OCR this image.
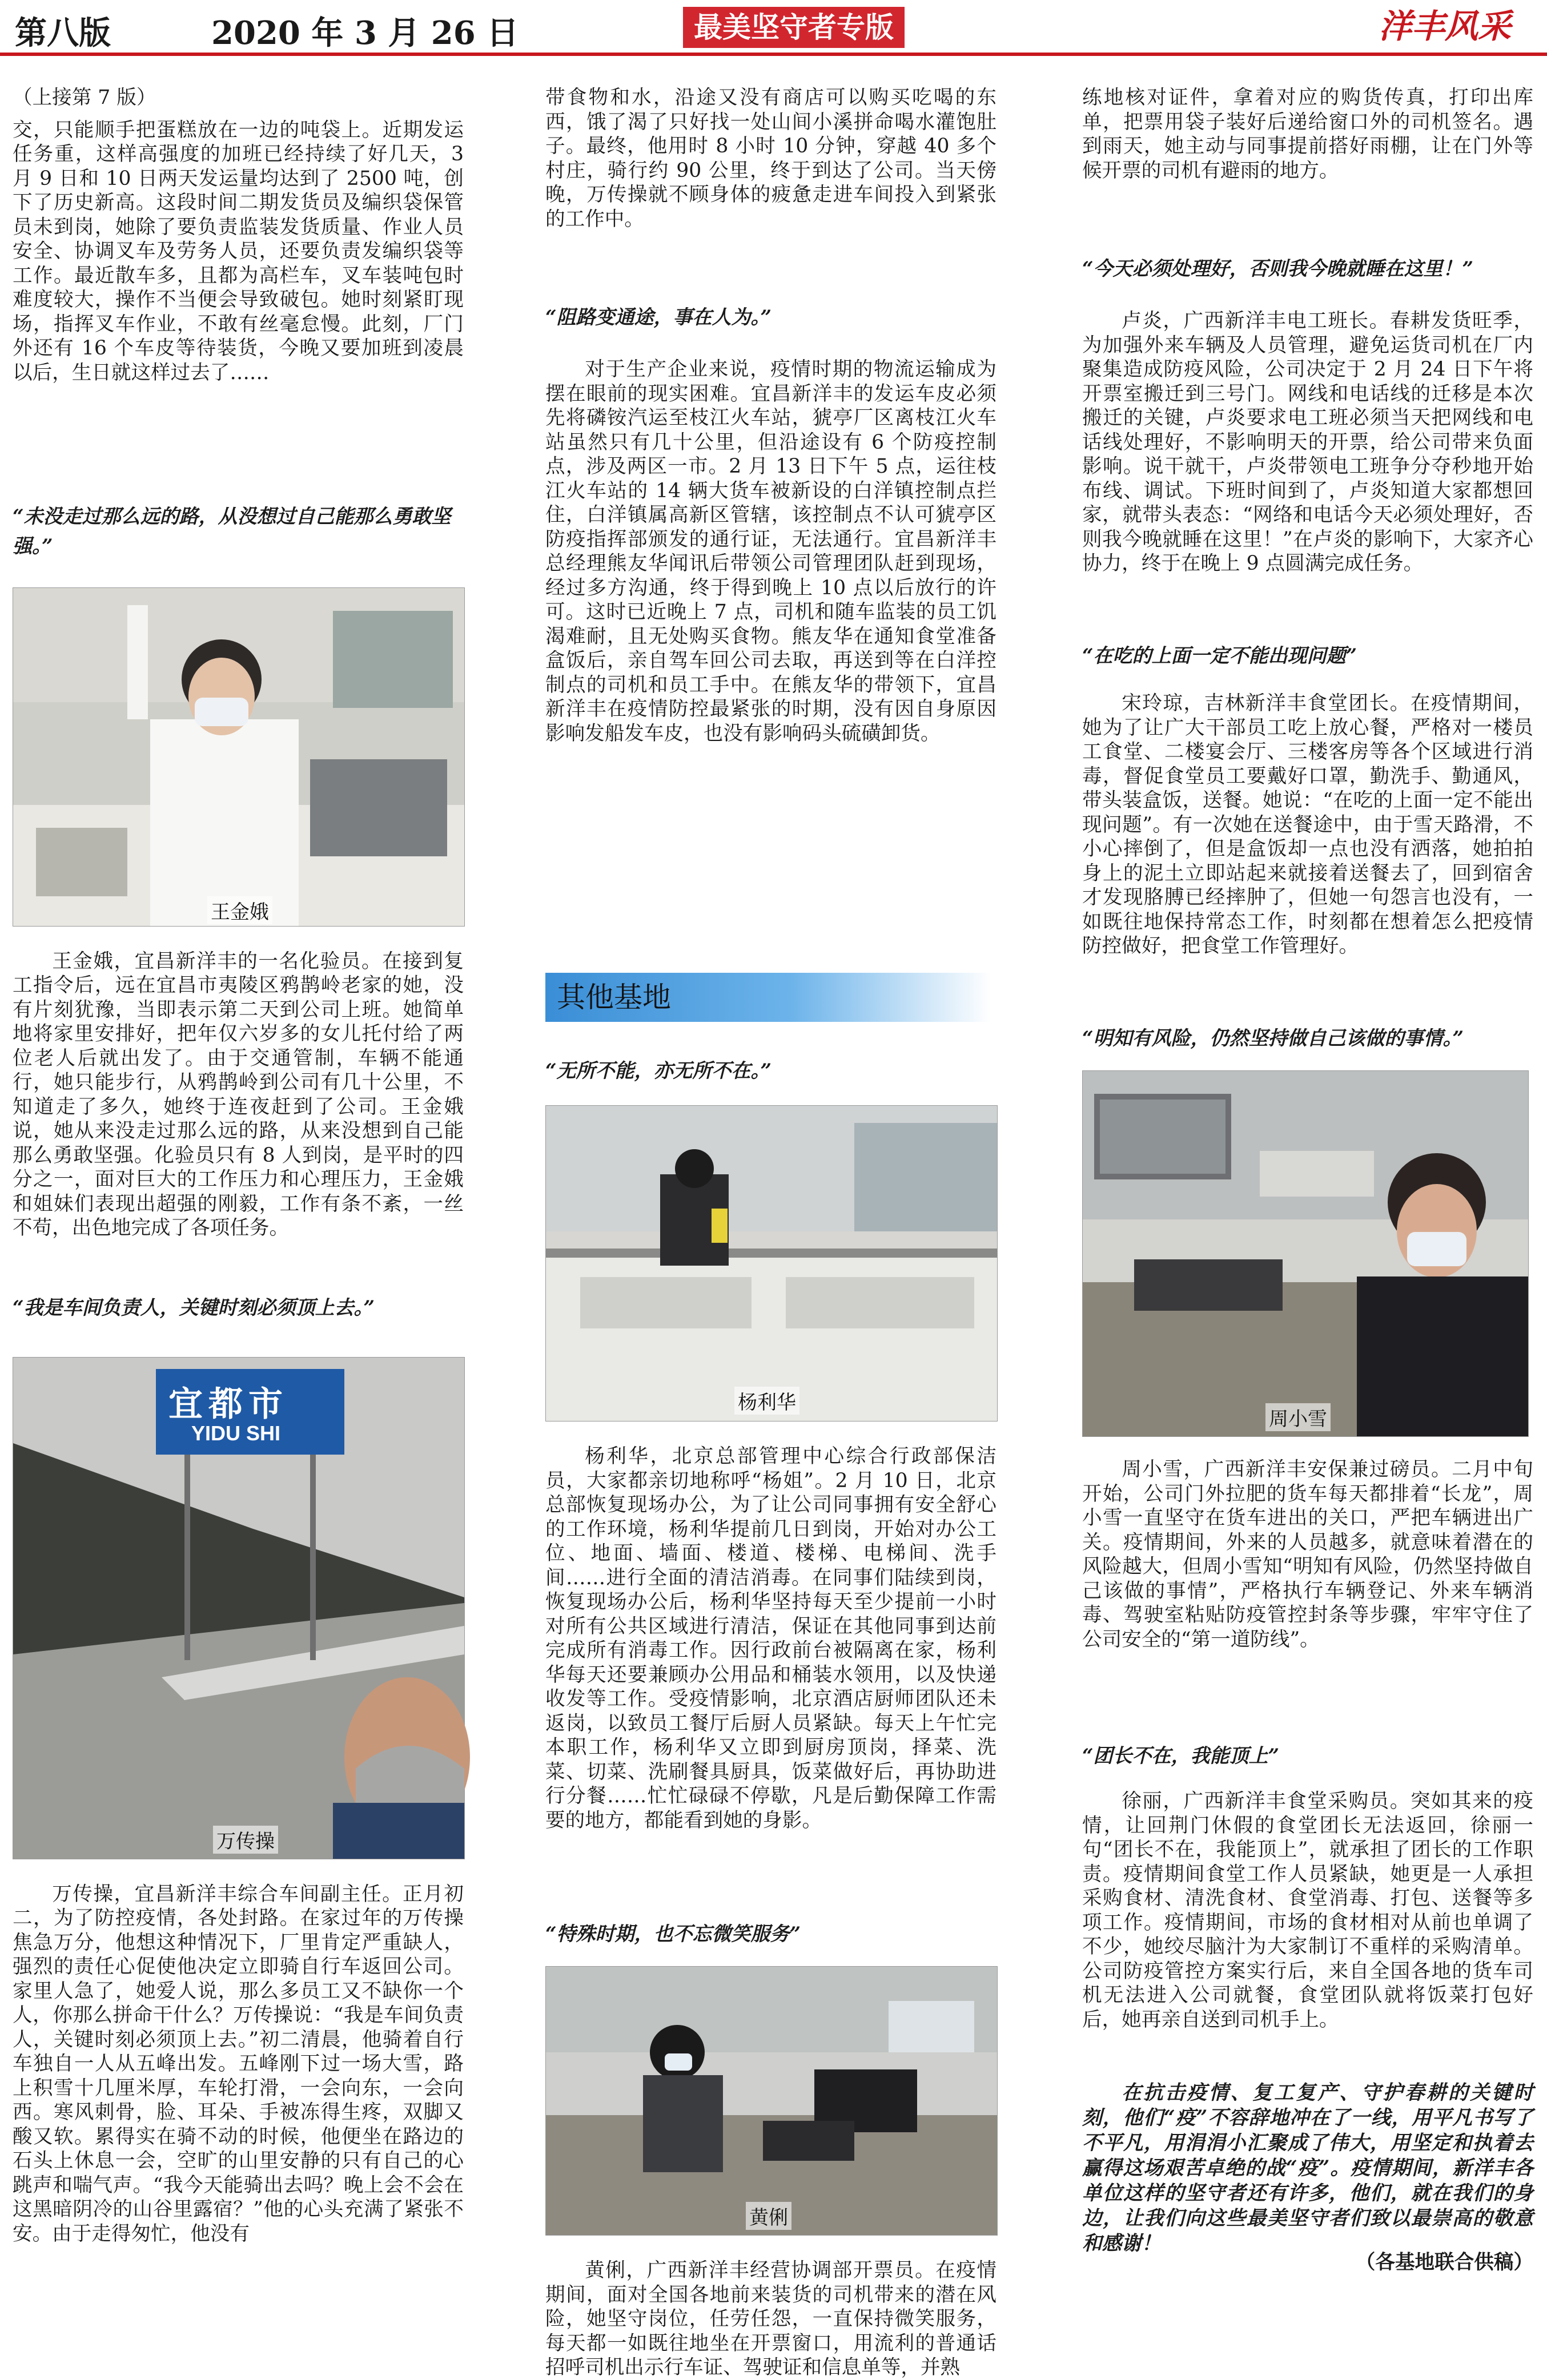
第八版	2020 年 3 月 26 日	最美坚守者专版	洋丰风采

（上接第 7 版）

交，只能顺手把蛋糕放在一边的吨袋上。近期发运任务重，这样高强度的加班已经持续了好几天，3 月 9 日和 10 日两天发运量均达到了 2500 吨，创下了历史新高。这段时间二期发货员及编织袋保管员未到岗，她除了要负责监装发货质量、作业人员安全、协调叉车及劳务人员，还要负责发编织袋等工作。最近散车多，且都为高栏车，叉车装吨包时难度较大，操作不当便会导致破包。她时刻紧盯现场，指挥叉车作业，不敢有丝毫怠慢。此刻，厂门外还有 16 个车皮等待装货，今晚又要加班到凌晨以后，生日就这样过去了……

“未没走过那么远的路，从没想过自己能那么勇敢坚强。”

王金娥

王金娥，宜昌新洋丰的一名化验员。在接到复工指令后，远在宜昌市夷陵区鸦鹊岭老家的她，没有片刻犹豫，当即表示第二天到公司上班。她简单地将家里安排好，把年仅六岁多的女儿托付给了两位老人后就出发了。由于交通管制，车辆不能通行，她只能步行，从鸦鹊岭到公司有几十公里，不知道走了多久，她终于连夜赶到了公司。王金娥说，她从来没走过那么远的路，从来没想到自己能那么勇敢坚强。化验员只有 8 人到岗，是平时的四分之一，面对巨大的工作压力和心理压力，王金娥和姐妹们表现出超强的刚毅，工作有条不紊，一丝不苟，出色地完成了各项任务。

“我是车间负责人，关键时刻必须顶上去。”

宜都市
YIDU SHI
万传操

万传操，宜昌新洋丰综合车间副主任。正月初二，为了防控疫情，各处封路。在家过年的万传操焦急万分，他想这种情况下，厂里肯定严重缺人，强烈的责任心促使他决定立即骑自行车返回公司。家里人急了，她爱人说，那么多员工又不缺你一个人，你那么拼命干什么？万传操说：“我是车间负责人，关键时刻必须顶上去。”初二清晨，他骑着自行车独自一人从五峰出发。五峰刚下过一场大雪，路上积雪十几厘米厚，车轮打滑，一会向东，一会向西。寒风刺骨，脸、耳朵、手被冻得生疼，双脚又酸又软。累得实在骑不动的时候，他便坐在路边的石头上休息一会，空旷的山里安静的只有自己的心跳声和喘气声。“我今天能骑出去吗？晚上会不会在这黑暗阴冷的山谷里露宿？”他的心头充满了紧张不安。由于走得匆忙，他没有

带食物和水，沿途又没有商店可以购买吃喝的东西，饿了渴了只好找一处山间小溪拼命喝水灌饱肚子。最终，他用时 8 小时 10 分钟，穿越 40 多个村庄，骑行约 90 公里，终于到达了公司。当天傍晚，万传操就不顾身体的疲惫走进车间投入到紧张的工作中。

“阻路变通途，事在人为。”

对于生产企业来说，疫情时期的物流运输成为摆在眼前的现实困难。宜昌新洋丰的发运车皮必须先将磷铵汽运至枝江火车站，猇亭厂区离枝江火车站虽然只有几十公里，但沿途设有 6 个防疫控制点，涉及两区一市。2 月 13 日下午 5 点，运往枝江火车站的 14 辆大货车被新设的白洋镇控制点拦住，白洋镇属高新区管辖，该控制点不认可猇亭区防疫指挥部颁发的通行证，无法通行。宜昌新洋丰总经理熊友华闻讯后带领公司管理团队赶到现场，经过多方沟通，终于得到晚上 10 点以后放行的许可。这时已近晚上 7 点，司机和随车监装的员工饥渴难耐，且无处购买食物。熊友华在通知食堂准备盒饭后，亲自驾车回公司去取，再送到等在白洋控制点的司机和员工手中。在熊友华的带领下，宜昌新洋丰在疫情防控最紧张的时期，没有因自身原因影响发船发车皮，也没有影响码头硫磺卸货。

其他基地

“无所不能，亦无所不在。”

杨利华

杨利华，北京总部管理中心综合行政部保洁员，大家都亲切地称呼“杨姐”。2 月 10 日，北京总部恢复现场办公，为了让公司同事拥有安全舒心的工作环境，杨利华提前几日到岗，开始对办公工位、地面、墙面、楼道、楼梯、电梯间、洗手间……进行全面的清洁消毒。在同事们陆续到岗，恢复现场办公后，杨利华坚持每天至少提前一小时对所有公共区域进行清洁，保证在其他同事到达前完成所有消毒工作。因行政前台被隔离在家，杨利华每天还要兼顾办公用品和桶装水领用，以及快递收发等工作。受疫情影响，北京酒店厨师团队还未返岗，以致员工餐厅后厨人员紧缺。每天上午忙完本职工作，杨利华又立即到厨房顶岗，择菜、洗菜、切菜、洗刷餐具厨具，饭菜做好后，再协助进行分餐……忙忙碌碌不停歇，凡是后勤保障工作需要的地方，都能看到她的身影。

“特殊时期，也不忘微笑服务”

黄俐

黄俐，广西新洋丰经营协调部开票员。在疫情期间，面对全国各地前来装货的司机带来的潜在风险，她坚守岗位，任劳任怨，一直保持微笑服务，每天都一如既往地坐在开票窗口，用流利的普通话招呼司机出示行车证、驾驶证和信息单等，并熟

练地核对证件，拿着对应的购货传真，打印出库单，把票用袋子装好后递给窗口外的司机签名。遇到雨天，她主动与同事提前搭好雨棚，让在门外等候开票的司机有避雨的地方。

“今天必须处理好，否则我今晚就睡在这里！”

卢炎，广西新洋丰电工班长。春耕发货旺季，为加强外来车辆及人员管理，避免运货司机在厂内聚集造成防疫风险，公司决定于 2 月 24 日下午将开票室搬迁到三号门。网线和电话线的迁移是本次搬迁的关键，卢炎要求电工班必须当天把网线和电话线处理好，不影响明天的开票，给公司带来负面影响。说干就干，卢炎带领电工班争分夺秒地开始布线、调试。下班时间到了，卢炎知道大家都想回家，就带头表态：“网络和电话今天必须处理好，否则我今晚就睡在这里！”在卢炎的影响下，大家齐心协力，终于在晚上 9 点圆满完成任务。

“在吃的上面一定不能出现问题”

宋玲琼，吉林新洋丰食堂团长。在疫情期间，她为了让广大干部员工吃上放心餐，严格对一楼员工食堂、二楼宴会厅、三楼客房等各个区域进行消毒，督促食堂员工要戴好口罩，勤洗手、勤通风，带头装盒饭，送餐。她说：“在吃的上面一定不能出现问题”。有一次她在送餐途中，由于雪天路滑，不小心摔倒了，但是盒饭却一点也没有洒落，她拍拍身上的泥土立即站起来就接着送餐去了，回到宿舍才发现胳膊已经摔肿了，但她一句怨言也没有，一如既往地保持常态工作，时刻都在想着怎么把疫情防控做好，把食堂工作管理好。

“明知有风险，仍然坚持做自己该做的事情。”

周小雪

周小雪，广西新洋丰安保兼过磅员。二月中旬开始，公司门外拉肥的货车每天都排着“长龙”，周小雪一直坚守在货车进出的关口，严把车辆进出广关。疫情期间，外来的人员越多，就意味着潜在的风险越大，但周小雪知“明知有风险，仍然坚持做自己该做的事情”，严格执行车辆登记、外来车辆消毒、驾驶室粘贴防疫管控封条等步骤，牢牢守住了公司安全的“第一道防线”。

“团长不在，我能顶上”

徐丽，广西新洋丰食堂采购员。突如其来的疫情，让回荆门休假的食堂团长无法返回，徐丽一句“团长不在，我能顶上”，就承担了团长的工作职责。疫情期间食堂工作人员紧缺，她更是一人承担采购食材、清洗食材、食堂消毒、打包、送餐等多项工作。疫情期间，市场的食材相对从前也单调了不少，她绞尽脑汁为大家制订不重样的采购清单。公司防疫管控方案实行后，来自全国各地的货车司机无法进入公司就餐，食堂团队就将饭菜打包好后，她再亲自送到司机手上。

在抗击疫情、复工复产、守护春耕的关键时刻，他们“疫”不容辞地冲在了一线，用平凡书写了不平凡，用涓涓小汇聚成了伟大，用坚定和执着去赢得这场艰苦卓绝的战“疫”。疫情期间，新洋丰各单位这样的坚守者还有许多，他们，就在我们的身边，让我们向这些最美坚守者们致以最崇高的敬意和感谢！

（各基地联合供稿）
